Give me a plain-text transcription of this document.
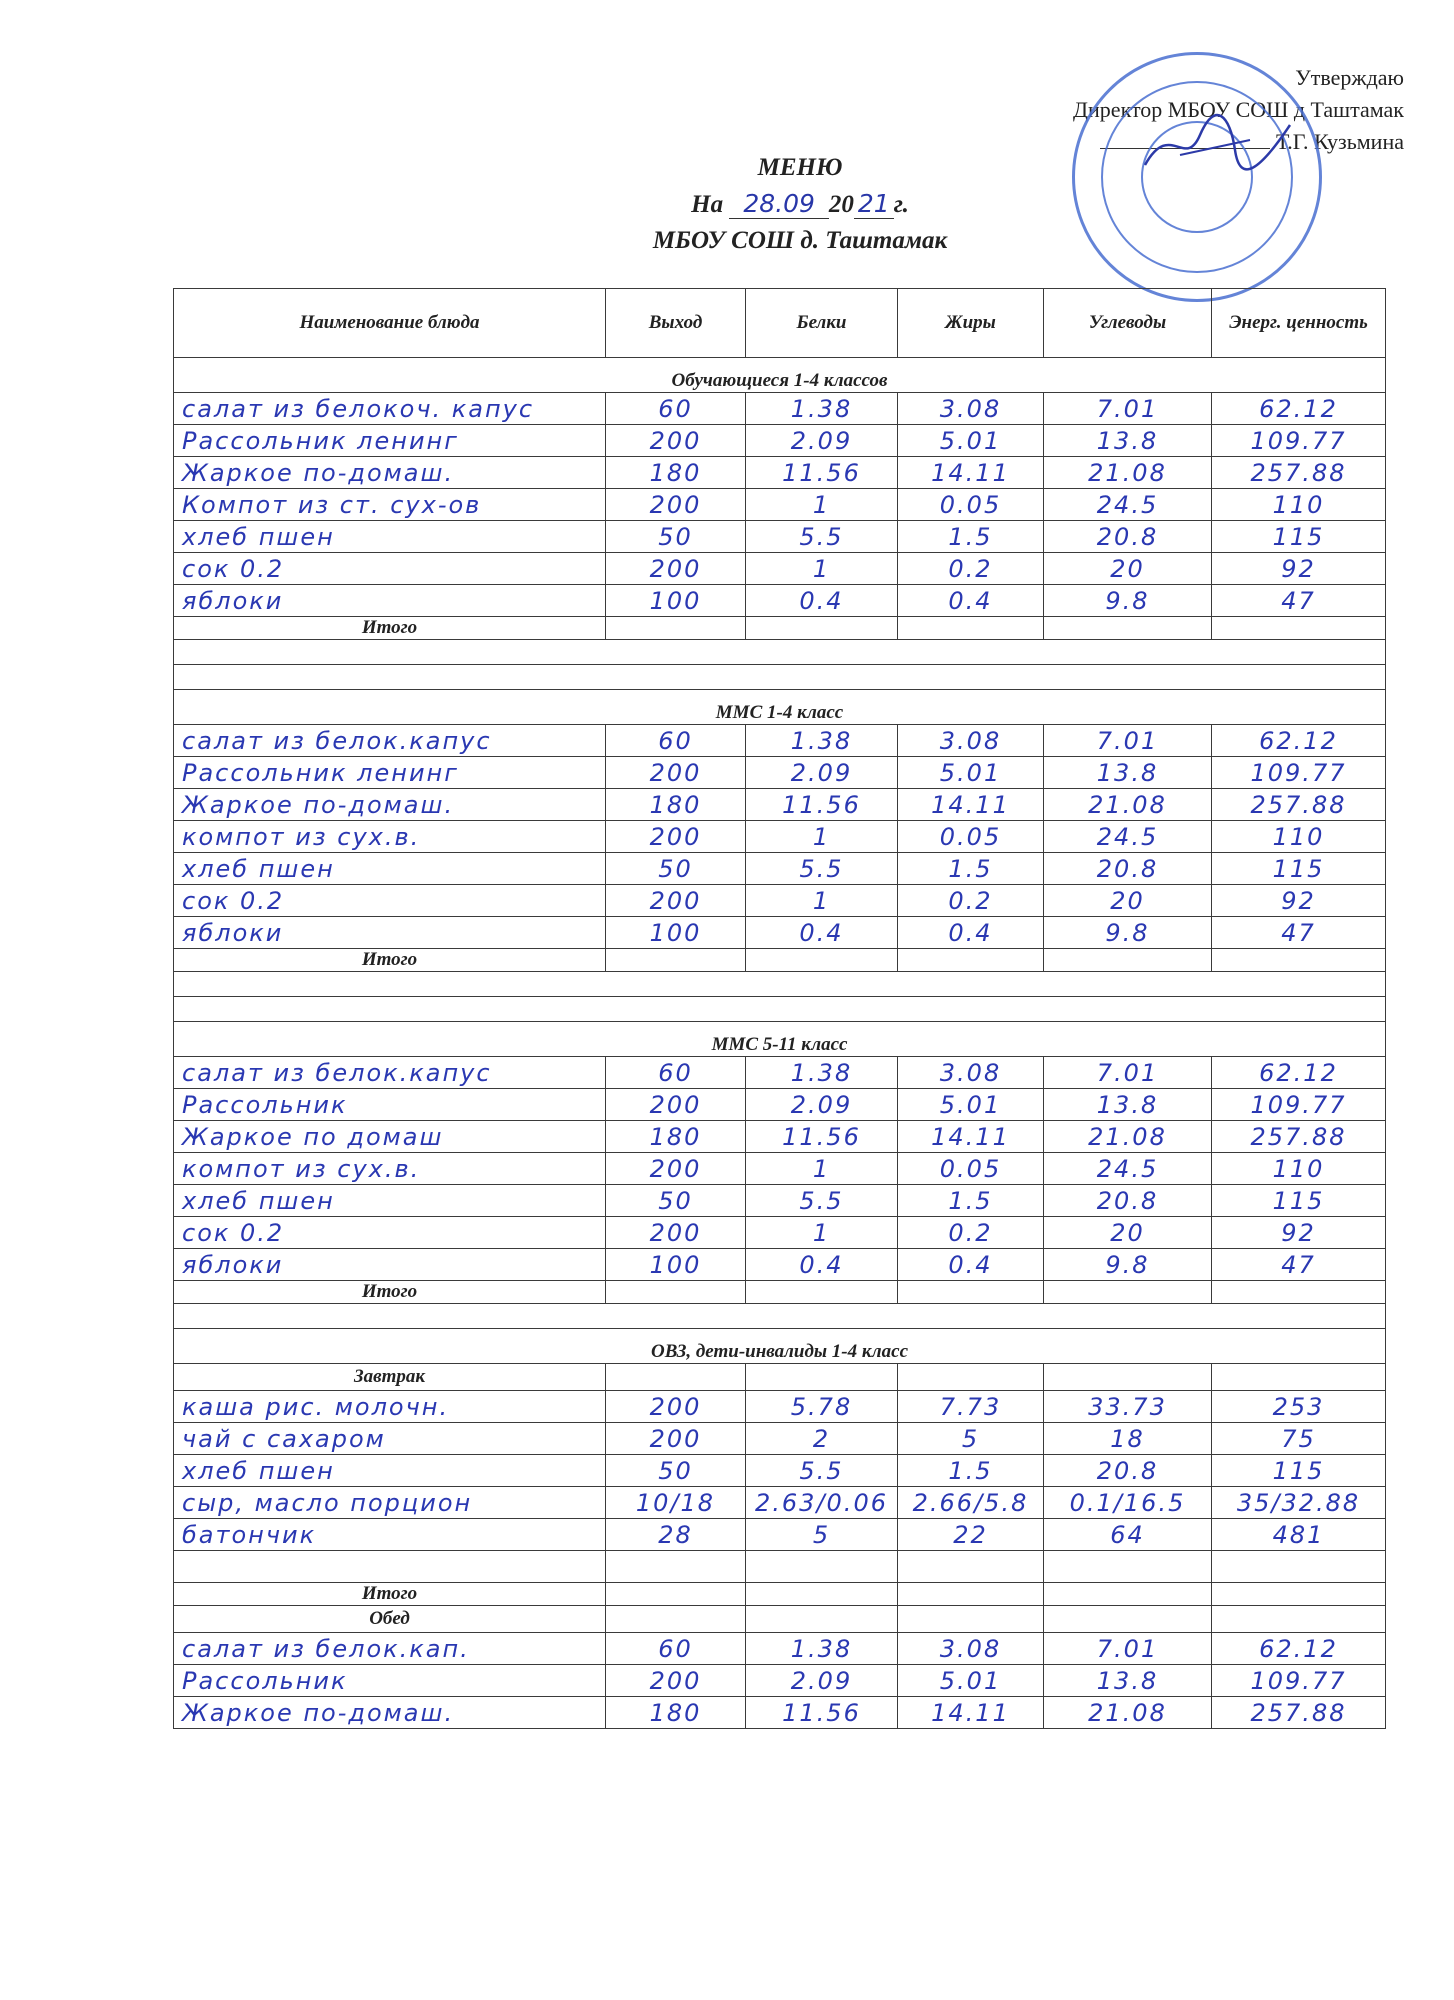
Утверждаю
Директор МБОУ СОШ д Таштамак
Т.Г. Кузьмина
МЕНЮ
На 28.09 20 21 г.
МБОУ СОШ д. Таштамак
Наименование блюда	Выход	Белки	Жиры	Углеводы	Энерг. ценность
Обучающиеся 1-4 классов					
салат из белокоч. капус	60	1.38	3.08	7.01	62.12
Рассольник ленинг	200	2.09	5.01	13.8	109.77
Жаркое по-домаш.	180	11.56	14.11	21.08	257.88
Компот из ст. сух-ов	200	1	0.05	24.5	110
хлеб пшен	50	5.5	1.5	20.8	115
сок 0.2	200	1	0.2	20	92
яблоки	100	0.4	0.4	9.8	47
Итого					

ММС 1-4 класс					
салат из белок.капус	60	1.38	3.08	7.01	62.12
Рассольник ленинг	200	2.09	5.01	13.8	109.77
Жаркое по-домаш.	180	11.56	14.11	21.08	257.88
компот из сух.в.	200	1	0.05	24.5	110
хлеб пшен	50	5.5	1.5	20.8	115
сок 0.2	200	1	0.2	20	92
яблоки	100	0.4	0.4	9.8	47
Итого					

ММС 5-11 класс					
салат из белок.капус	60	1.38	3.08	7.01	62.12
Рассольник	200	2.09	5.01	13.8	109.77
Жаркое по домаш	180	11.56	14.11	21.08	257.88
компот из сух.в.	200	1	0.05	24.5	110
хлеб пшен	50	5.5	1.5	20.8	115
сок 0.2	200	1	0.2	20	92
яблоки	100	0.4	0.4	9.8	47
Итого					

ОВЗ, дети-инвалиды 1-4 класс					
Завтрак					
каша рис. молочн.	200	5.78	7.73	33.73	253
чай с сахаром	200	2	5	18	75
хлеб пшен	50	5.5	1.5	20.8	115
сыр, масло порцион	10/18	2.63/0.06	2.66/5.8	0.1/16.5	35/32.88
батончик	28	5	22	64	481

Итого					
Обед					
салат из белок.кап.	60	1.38	3.08	7.01	62.12
Рассольник	200	2.09	5.01	13.8	109.77
Жаркое по-домаш.	180	11.56	14.11	21.08	257.88
